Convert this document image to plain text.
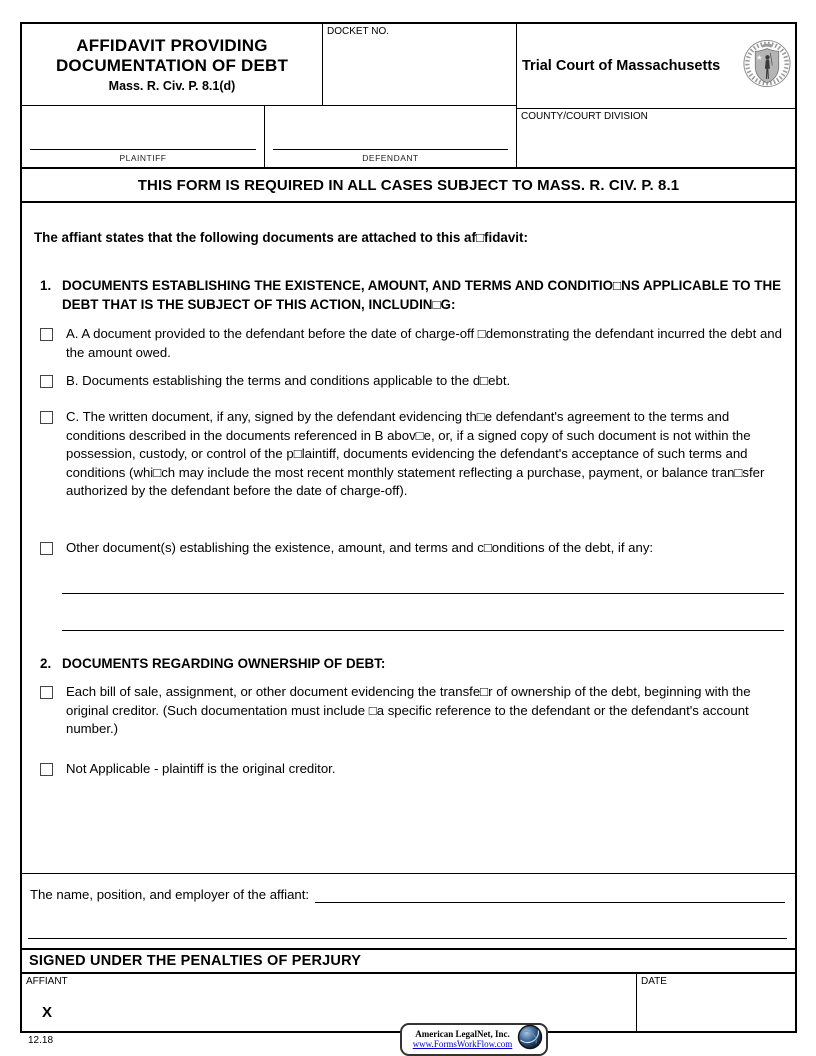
AFFIDAVIT PROVIDING
DOCUMENTATION OF DEBT
Mass. R. Civ. P. 8.1(d)
DOCKET NO.
Trial Court of Massachusetts
PLAINTIFF	DEFENDANT
COUNTY/COURT DIVISION
THIS FORM IS REQUIRED IN ALL CASES SUBJECT TO MASS. R. CIV. P. 8.1
The affiant states that the following documents are attached to this af□fidavit:
1. DOCUMENTS ESTABLISHING THE EXISTENCE, AMOUNT, AND TERMS AND CONDITIO□NS APPLICABLE TO THE DEBT THAT IS THE SUBJECT OF THIS ACTION, INCLUDIN□G:
A. A document provided to the defendant before the date of charge-off □demonstrating the defendant incurred the debt and the amount owed.
B. Documents establishing the terms and conditions applicable to the d□ebt.
C. The written document, if any, signed by the defendant evidencing th□e defendant's agreement to the terms and conditions described in the documents referenced in B abov□e, or, if a signed copy of such document is not within the possession, custody, or control of the p□laintiff, documents evidencing the defendant's acceptance of such terms and conditions (whi□ch may include the most recent monthly statement reflecting a purchase, payment, or balance tran□sfer authorized by the defendant before the date of charge-off).
Other document(s) establishing the existence, amount, and terms and c□onditions of the debt, if any:
2. DOCUMENTS REGARDING OWNERSHIP OF DEBT:
Each bill of sale, assignment, or other document evidencing the transfe□r of ownership of the debt, beginning with the original creditor. (Such documentation must include □a specific reference to the defendant or the defendant's account number.)
Not Applicable - plaintiff is the original creditor.
The name, position, and employer of the affiant:
SIGNED UNDER THE PENALTIES OF PERJURY
AFFIANT
X
DATE
12.18
American LegalNet, Inc.
www.FormsWorkFlow.com
